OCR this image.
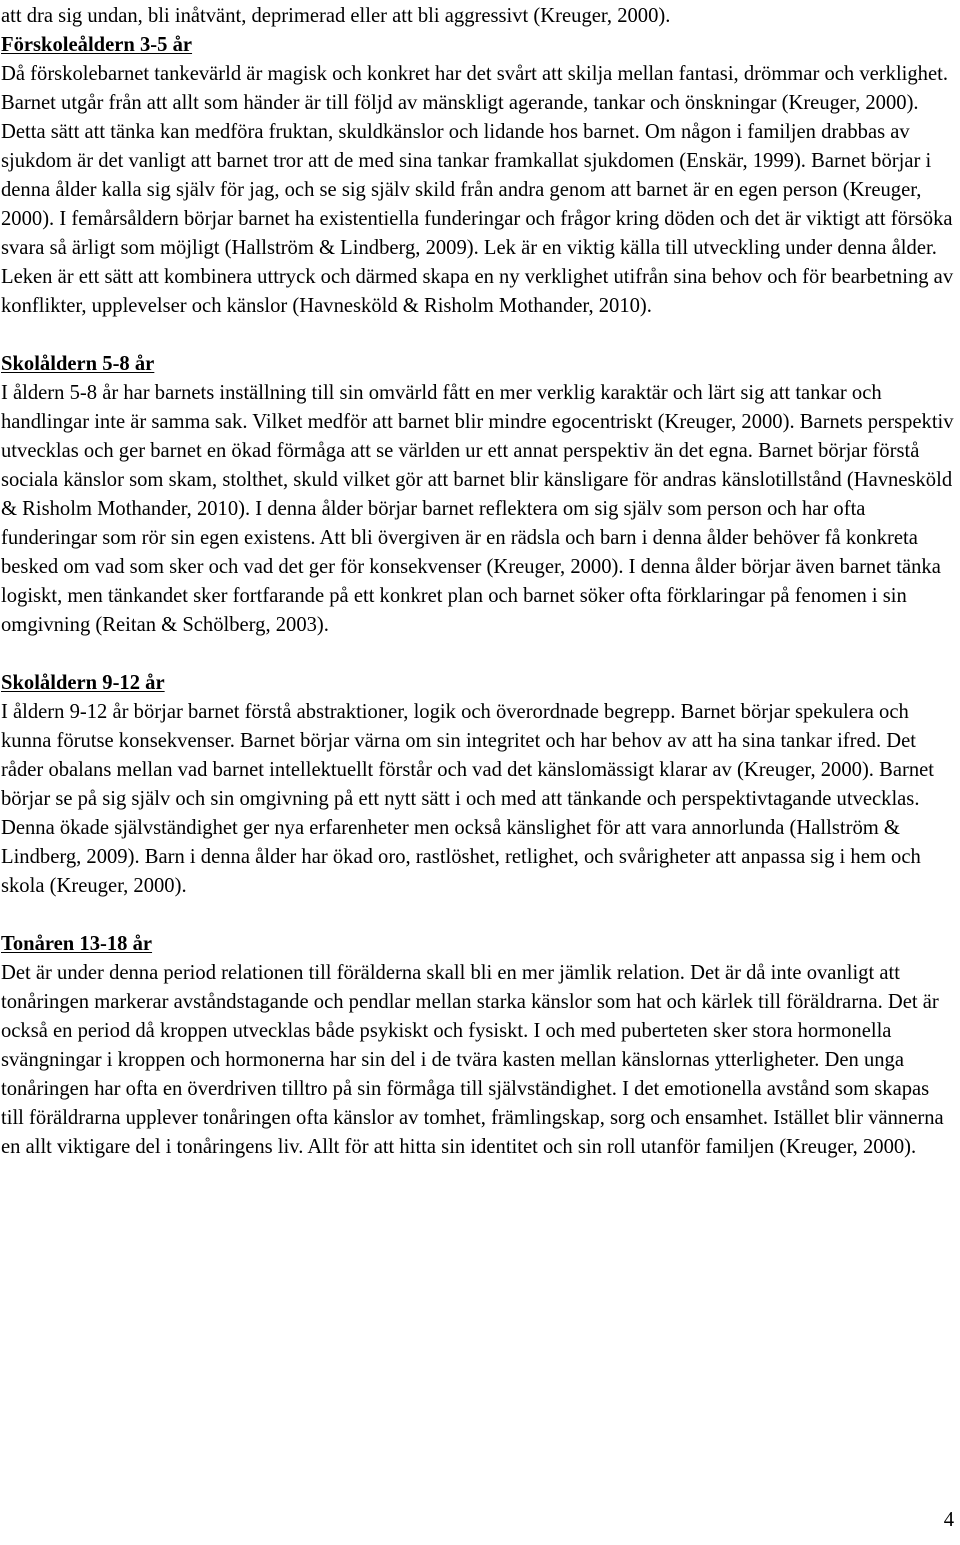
att dra sig undan, bli inåtvänt, deprimerad eller att bli aggressivt (Kreuger, 2000).

Förskoleåldern 3-5 år

Då förskolebarnet tankevärld är magisk och konkret har det svårt att skilja mellan fantasi, drömmar och verklighet. Barnet utgår från att allt som händer är till följd av mänskligt agerande, tankar och önskningar (Kreuger, 2000). Detta sätt att tänka kan medföra fruktan, skuldkänslor och lidande hos barnet. Om någon i familjen drabbas av sjukdom är det vanligt att barnet tror att de med sina tankar framkallat sjukdomen (Enskär, 1999). Barnet börjar i denna ålder kalla sig själv för jag, och se sig själv skild från andra genom att barnet är en egen person (Kreuger, 2000). I femårsåldern börjar barnet ha existentiella funderingar och frågor kring döden och det är viktigt att försöka svara så ärligt som möjligt (Hallström & Lindberg, 2009). Lek är en viktig källa till utveckling under denna ålder. Leken är ett sätt att kombinera uttryck och därmed skapa en ny verklighet utifrån sina behov och för bearbetning av konflikter, upplevelser och känslor (Havnesköld & Risholm Mothander, 2010).

Skolåldern 5-8 år

I åldern 5-8 år har barnets inställning till sin omvärld fått en mer verklig karaktär och lärt sig att tankar och handlingar inte är samma sak. Vilket medför att barnet blir mindre egocentriskt (Kreuger, 2000). Barnets perspektiv utvecklas och ger barnet en ökad förmåga att se världen ur ett annat perspektiv än det egna. Barnet börjar förstå sociala känslor som skam, stolthet, skuld vilket gör att barnet blir känsligare för andras känslotillstånd (Havnesköld & Risholm Mothander, 2010). I denna ålder börjar barnet reflektera om sig själv som person och har ofta funderingar som rör sin egen existens. Att bli övergiven är en rädsla och barn i denna ålder behöver få konkreta besked om vad som sker och vad det ger för konsekvenser (Kreuger, 2000). I denna ålder börjar även barnet tänka logiskt, men tänkandet sker fortfarande på ett konkret plan och barnet söker ofta förklaringar på fenomen i sin omgivning (Reitan & Schölberg, 2003).

Skolåldern 9-12 år

I åldern 9-12 år börjar barnet förstå abstraktioner, logik och överordnade begrepp. Barnet börjar spekulera och kunna förutse konsekvenser. Barnet börjar värna om sin integritet och har behov av att ha sina tankar ifred. Det råder obalans mellan vad barnet intellektuellt förstår och vad det känslomässigt klarar av (Kreuger, 2000). Barnet börjar se på sig själv och sin omgivning på ett nytt sätt i och med att tänkande och perspektivtagande utvecklas. Denna ökade självständighet ger nya erfarenheter men också känslighet för att vara annorlunda (Hallström & Lindberg, 2009). Barn i denna ålder har ökad oro, rastlöshet, retlighet, och svårigheter att anpassa sig i hem och skola (Kreuger, 2000).

Tonåren 13-18 år

Det är under denna period relationen till förälderna skall bli en mer jämlik relation. Det är då inte ovanligt att tonåringen markerar avståndstagande och pendlar mellan starka känslor som hat och kärlek till föräldrarna. Det är också en period då kroppen utvecklas både psykiskt och fysiskt. I och med puberteten sker stora hormonella svängningar i kroppen och hormonerna har sin del i de tvära kasten mellan känslornas ytterligheter. Den unga tonåringen har ofta en överdriven tilltro på sin förmåga till självständighet. I det emotionella avstånd som skapas till föräldrarna upplever tonåringen ofta känslor av tomhet, främlingskap, sorg och ensamhet. Istället blir vännerna en allt viktigare del i tonåringens liv. Allt för att hitta sin identitet och sin roll utanför familjen (Kreuger, 2000).

4
